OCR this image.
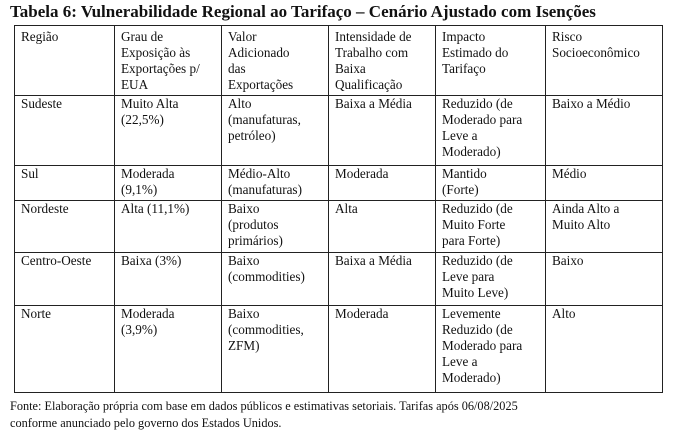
Tabela 6: Vulnerabilidade Regional ao Tarifaço – Cenário Ajustado com Isenções
Região	Grau de
Exposição às
Exportações p/
EUA	Valor
Adicionado
das
Exportações	Intensidade de
Trabalho com
Baixa
Qualificação	Impacto
Estimado do
Tarifaço	Risco
Socioeconômico

Sudeste	Muito Alta
(22,5%)	Alto
(manufaturas,
petróleo)	Baixa a Média	Reduzido (de
Moderado para
Leve a
Moderado)	Baixo a Médio

Sul	Moderada
(9,1%)	Médio-Alto
(manufaturas)	Moderada	Mantido
(Forte)	Médio

Nordeste	Alta (11,1%)	Baixo
(produtos
primários)	Alta	Reduzido (de
Muito Forte
para Forte)	Ainda Alto a
Muito Alto

Centro-Oeste	Baixa (3%)	Baixo
(commodities)	Baixa a Média	Reduzido (de
Leve para
Muito Leve)	Baixo

Norte	Moderada
(3,9%)	Baixo
(commodities,
ZFM)	Moderada	Levemente
Reduzido (de
Moderado para
Leve a
Moderado)	Alto
Fonte: Elaboração própria com base em dados públicos e estimativas setoriais. Tarifas após 06/08/2025
conforme anunciado pelo governo dos Estados Unidos.
